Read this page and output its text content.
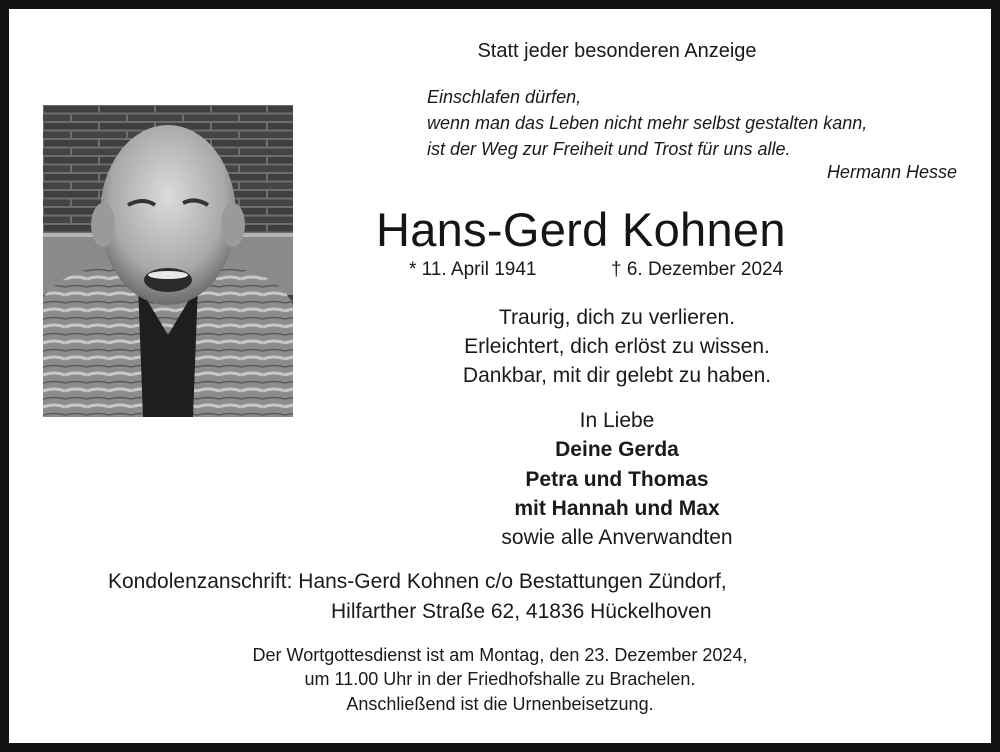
Statt jeder besonderen Anzeige
Einschlafen dürfen,
wenn man das Leben nicht mehr selbst gestalten kann,
ist der Weg zur Freiheit und Trost für uns alle.
Hermann Hesse
Hans-Gerd Kohnen
* 11. April 1941	† 6. Dezember 2024
Traurig, dich zu verlieren.
Erleichtert, dich erlöst zu wissen.
Dankbar, mit dir gelebt zu haben.
In Liebe
Deine Gerda
Petra und Thomas
mit Hannah und Max
sowie alle Anverwandten
Kondolenzanschrift: Hans-Gerd Kohnen c/o Bestattungen Zündorf,
Hilfarther Straße 62, 41836 Hückelhoven
Der Wortgottesdienst ist am Montag, den 23. Dezember 2024,
um 11.00 Uhr in der Friedhofshalle zu Brachelen.
Anschließend ist die Urnenbeisetzung.
